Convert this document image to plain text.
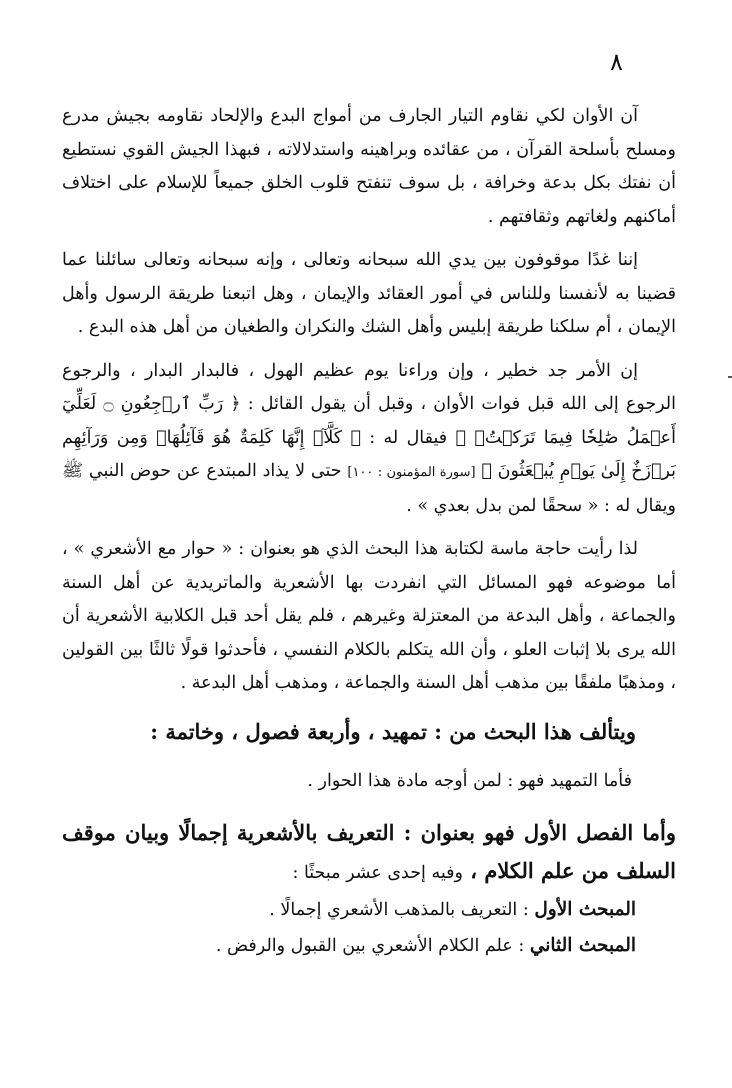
٨

آن الأوان لكي نقاوم التيار الجارف من أمواج البدع والإلحاد نقاومه بجيش مدرع ومسلح بأسلحة القرآن ، من عقائده وبراهينه واستدلالاته ، فبهذا الجيش القوي نستطيع أن نفتك بكل بدعة وخرافة ، بل سوف تنفتح قلوب الخلق جميعاً للإسلام على اختلاف أماكنهم ولغاتهم وثقافتهم .

إننا غدًا موقوفون بين يدي الله سبحانه وتعالى ، وإنه سبحانه وتعالى سائلنا عما قضينا به لأنفسنا وللناس في أمور العقائد والإيمان ، وهل اتبعنا طريقة الرسول وأهل الإيمان ، أم سلكنا طريقة إبليس وأهل الشك والنكران والطغيان من أهل هذه البدع .

إن الأمر جد خطير ، وإن وراءنا يوم عظيم الهول ، فالبدار البدار ، والرجوع الرجوع إلى الله قبل فوات الأوان ، وقبل أن يقول القائل : ﴿ رَبِّ ٱرۡجِعُونِ ۝ لَعَلِّيٓ أَعۡمَلُ صَٰلِحٗا فِيمَا تَرَكۡتُۚ ﴾ فيقال له : ﴿ كَلَّآۚ إِنَّهَا كَلِمَةٌ هُوَ قَآئِلُهَاۖ وَمِن وَرَآئِهِم بَرۡزَخٌ إِلَىٰ يَوۡمِ يُبۡعَثُونَ ﴾ [سورة المؤمنون : ١٠٠] حتى لا يذاد المبتدع عن حوض النبي ﷺ ويقال له : « سحقًا لمن بدل بعدي » .

لذا رأيت حاجة ماسة لكتابة هذا البحث الذي هو بعنوان : « حوار مع الأشعري » ، أما موضوعه فهو المسائل التي انفردت بها الأشعرية والماتريدية عن أهل السنة والجماعة ، وأهل البدعة من المعتزلة وغيرهم ، فلم يقل أحد قبل الكلابية الأشعرية أن الله يرى بلا إثبات العلو ، وأن الله يتكلم بالكلام النفسي ، فأحدثوا قولًا ثالثًا بين القولين ، ومذهبًا ملفقًا بين مذهب أهل السنة والجماعة ، ومذهب أهل البدعة .

ويتألف هذا البحث من : تمهيد ، وأربعة فصول ، وخاتمة :

فأما التمهيد فهو : لمن أوجه مادة هذا الحوار .

وأما الفصل الأول فهو بعنوان : التعريف بالأشعرية إجمالًا وبيان موقف السلف من علم الكلام ، وفيه إحدى عشر مبحثًا :

المبحث الأول : التعريف بالمذهب الأشعري إجمالًا .

المبحث الثاني : علم الكلام الأشعري بين القبول والرفض .
